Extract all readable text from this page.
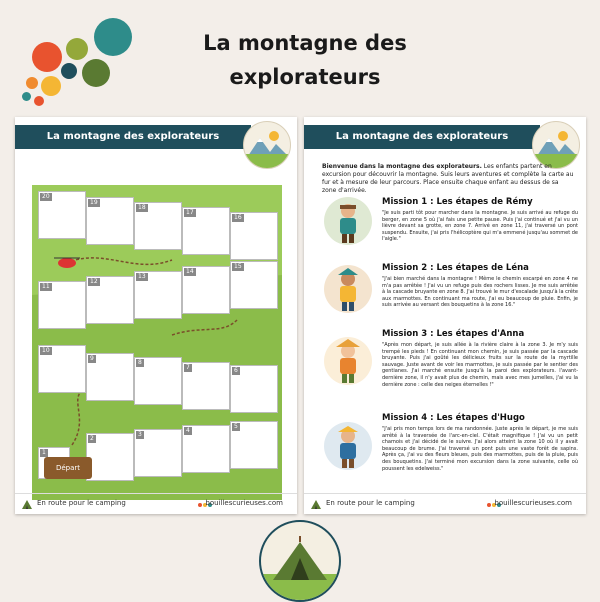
La montagne des
explorateurs
La montagne des explorateurs
20
19
18
17
16
11
12
13
14
15
10
9
8
7	6
1
2
3
4
5
Départ
En route pour le camping	bouillescurieuses.com
La montagne des explorateurs
Bienvenue dans la montagne des explorateurs. Les enfants partent en excursion pour découvrir la montagne. Suis leurs aventures et complète la carte au fur et à mesure de leur parcours. Place ensuite chaque enfant au dessus de sa zone d'arrivée.
Mission 1 : Les étapes de Rémy

"Je suis parti tôt pour marcher dans la montagne. Je suis arrivé au refuge du berger, en zone 5 où j'ai fais une petite pause. Puis j'ai continué et j'ai vu un lièvre devant sa grotte, en zone 7. Arrivé en zone 11, j'ai traversé un pont suspendu. Ensuite, j'ai pris l'hélicoptère qui m'a emmené jusqu'au sommet de l'aigle."

Mission 2 : Les étapes de Léna

"J'ai bien marché dans la montagne ! Même le chemin escarpé en zone 4 ne m'a pas arrêtée ! J'ai vu un refuge puis des rochers lisses. Je me suis arrêtée à la cascade bruyante en zone 8. J'ai trouvé le mur d'escalade jusqu'à la crête aux marmottes. En continuant ma route, j'ai eu beaucoup de pluie. Enfin, je suis arrivée au versant des bouquetins à la zone 16."

Mission 3 : Les étapes d'Anna

"Après mon départ, je suis allée à la rivière claire à la zone 3. Je m'y suis trempé les pieds ! En continuant mon chemin, je suis passée par la cascade bruyante. Puis j'ai goûté les délicieux fruits sur la route de la myrtille sauvage. Juste avant de voir les marmottes, je suis passée par le sentier des gentianes. J'ai marché ensuite jusqu'à la paroi des explorateurs. l'avant-dernière zone, il n'y avait plus de chemin, mais avec mes jumelles, j'ai vu la dernière zone : celle des neiges éternelles !"

Mission 4 : Les étapes d'Hugo

"J'ai pris mon temps lors de ma randonnée. Juste après le départ, je me suis arrêté à la traversée de l'arc-en-ciel. C'était magnifique ! J'ai vu un petit chamois et j'ai décidé de le suivre. J'ai alors atteint la zone 10 où il y avait beaucoup de brume. J'ai traversé un pont puis une vaste forêt de sapins. Après ça, j'ai vu des fleurs bleues, puis des marmottes, puis de la pluie, puis des bouquetins. J'ai terminé mon excursion dans la zone suivante, celle où poussent les edelweiss."

En route pour le camping	bouillescurieuses.com
